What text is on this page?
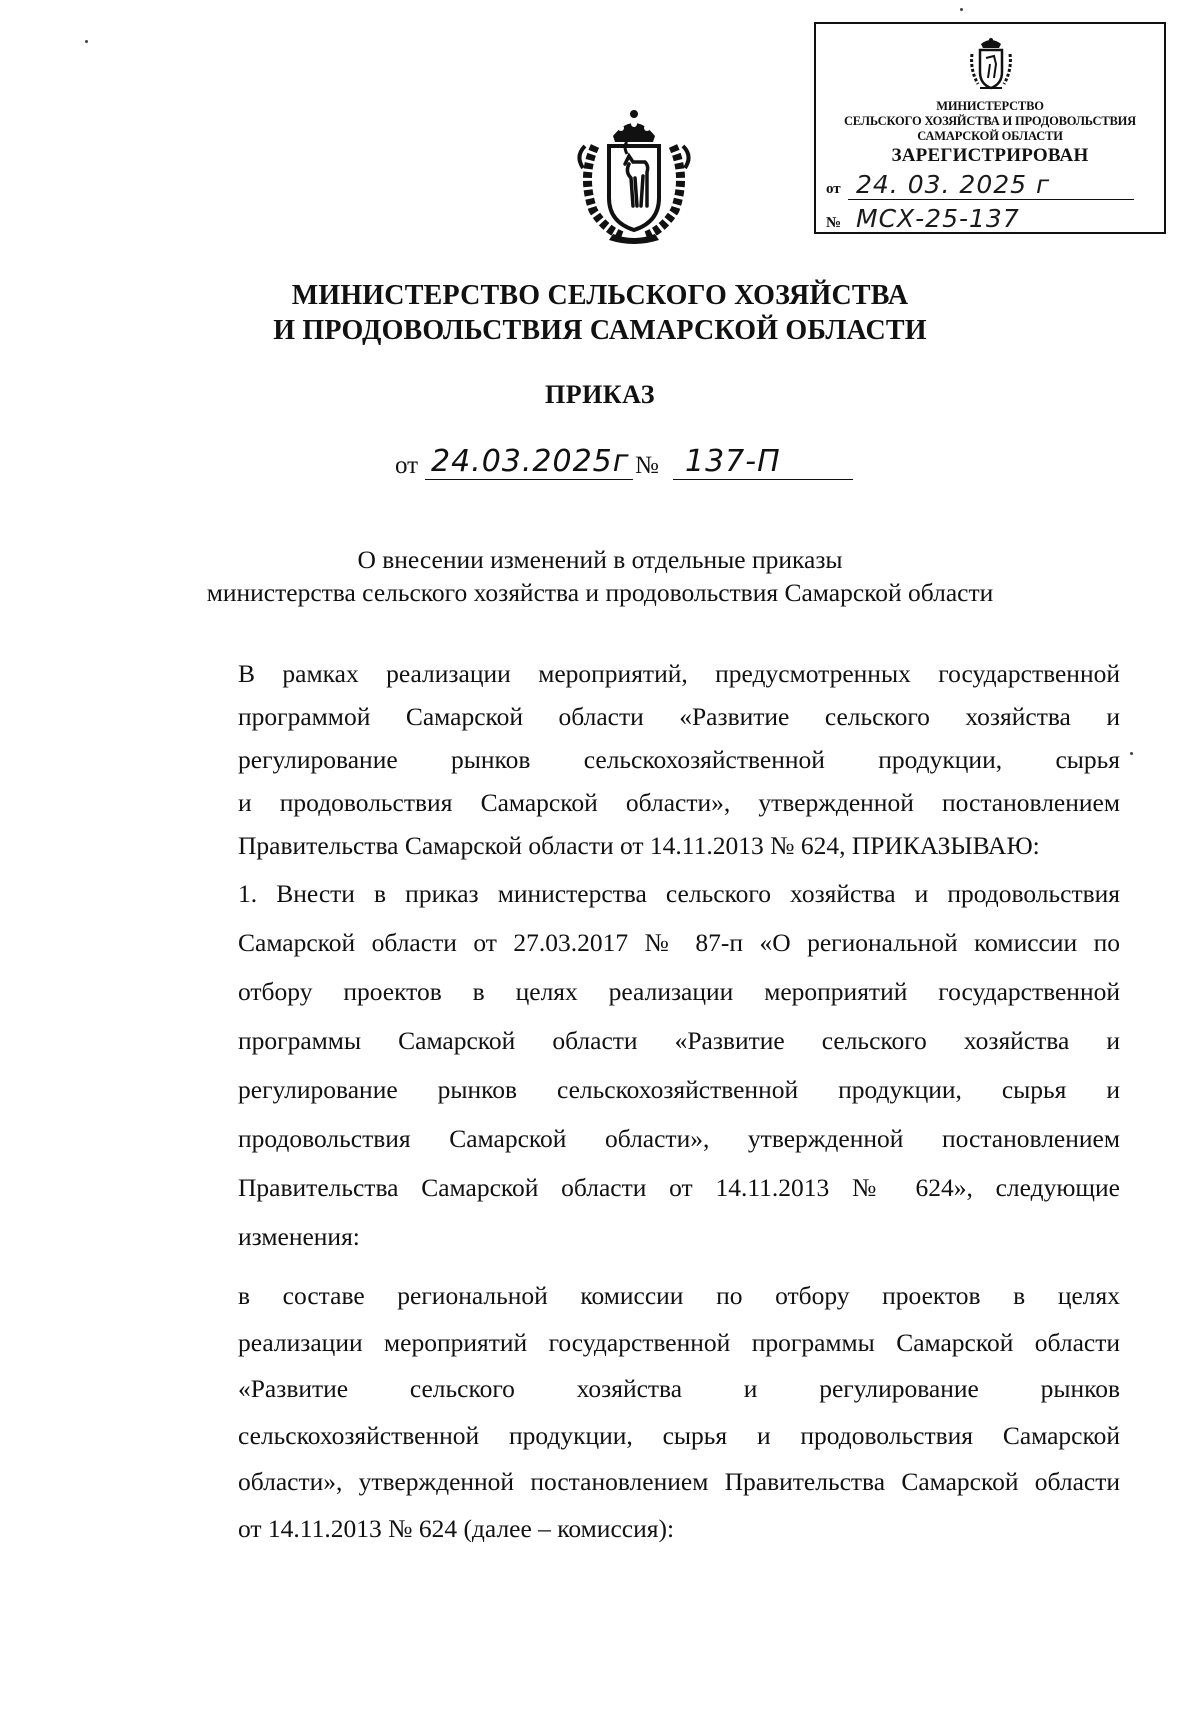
МИНИСТЕРСТВО
СЕЛЬСКОГО ХОЗЯЙСТВА И ПРОДОВОЛЬСТВИЯ
САМАРСКОЙ ОБЛАСТИ
ЗАРЕГИСТРИРОВАН
от 24. 03. 2025 г
№ МСХ-25-137
МИНИСТЕРСТВО СЕЛЬСКОГО ХОЗЯЙСТВА
И ПРОДОВОЛЬСТВИЯ САМАРСКОЙ ОБЛАСТИ
ПРИКАЗ
от 24.03.2025г № 137-П
О внесении изменений в отдельные приказы
министерства сельского хозяйства и продовольствия Самарской области

В рамках реализации мероприятий, предусмотренных государственной
программой Самарской области «Развитие сельского хозяйства и
регулирование рынков сельскохозяйственной продукции, сырья
и продовольствия Самарской области», утвержденной постановлением
Правительства Самарской области от 14.11.2013 № 624, ПРИКАЗЫВАЮ:

1. Внести в приказ министерства сельского хозяйства и продовольствия
Самарской области от 27.03.2017 № 87-п «О региональной комиссии по
отбору проектов в целях реализации мероприятий государственной
программы Самарской области «Развитие сельского хозяйства и
регулирование рынков сельскохозяйственной продукции, сырья и
продовольствия Самарской области», утвержденной постановлением
Правительства Самарской области от 14.11.2013 № 624», следующие
изменения:

в составе региональной комиссии по отбору проектов в целях
реализации мероприятий государственной программы Самарской области
«Развитие сельского хозяйства и регулирование рынков
сельскохозяйственной продукции, сырья и продовольствия Самарской
области», утвержденной постановлением Правительства Самарской области
от 14.11.2013 № 624 (далее – комиссия):
